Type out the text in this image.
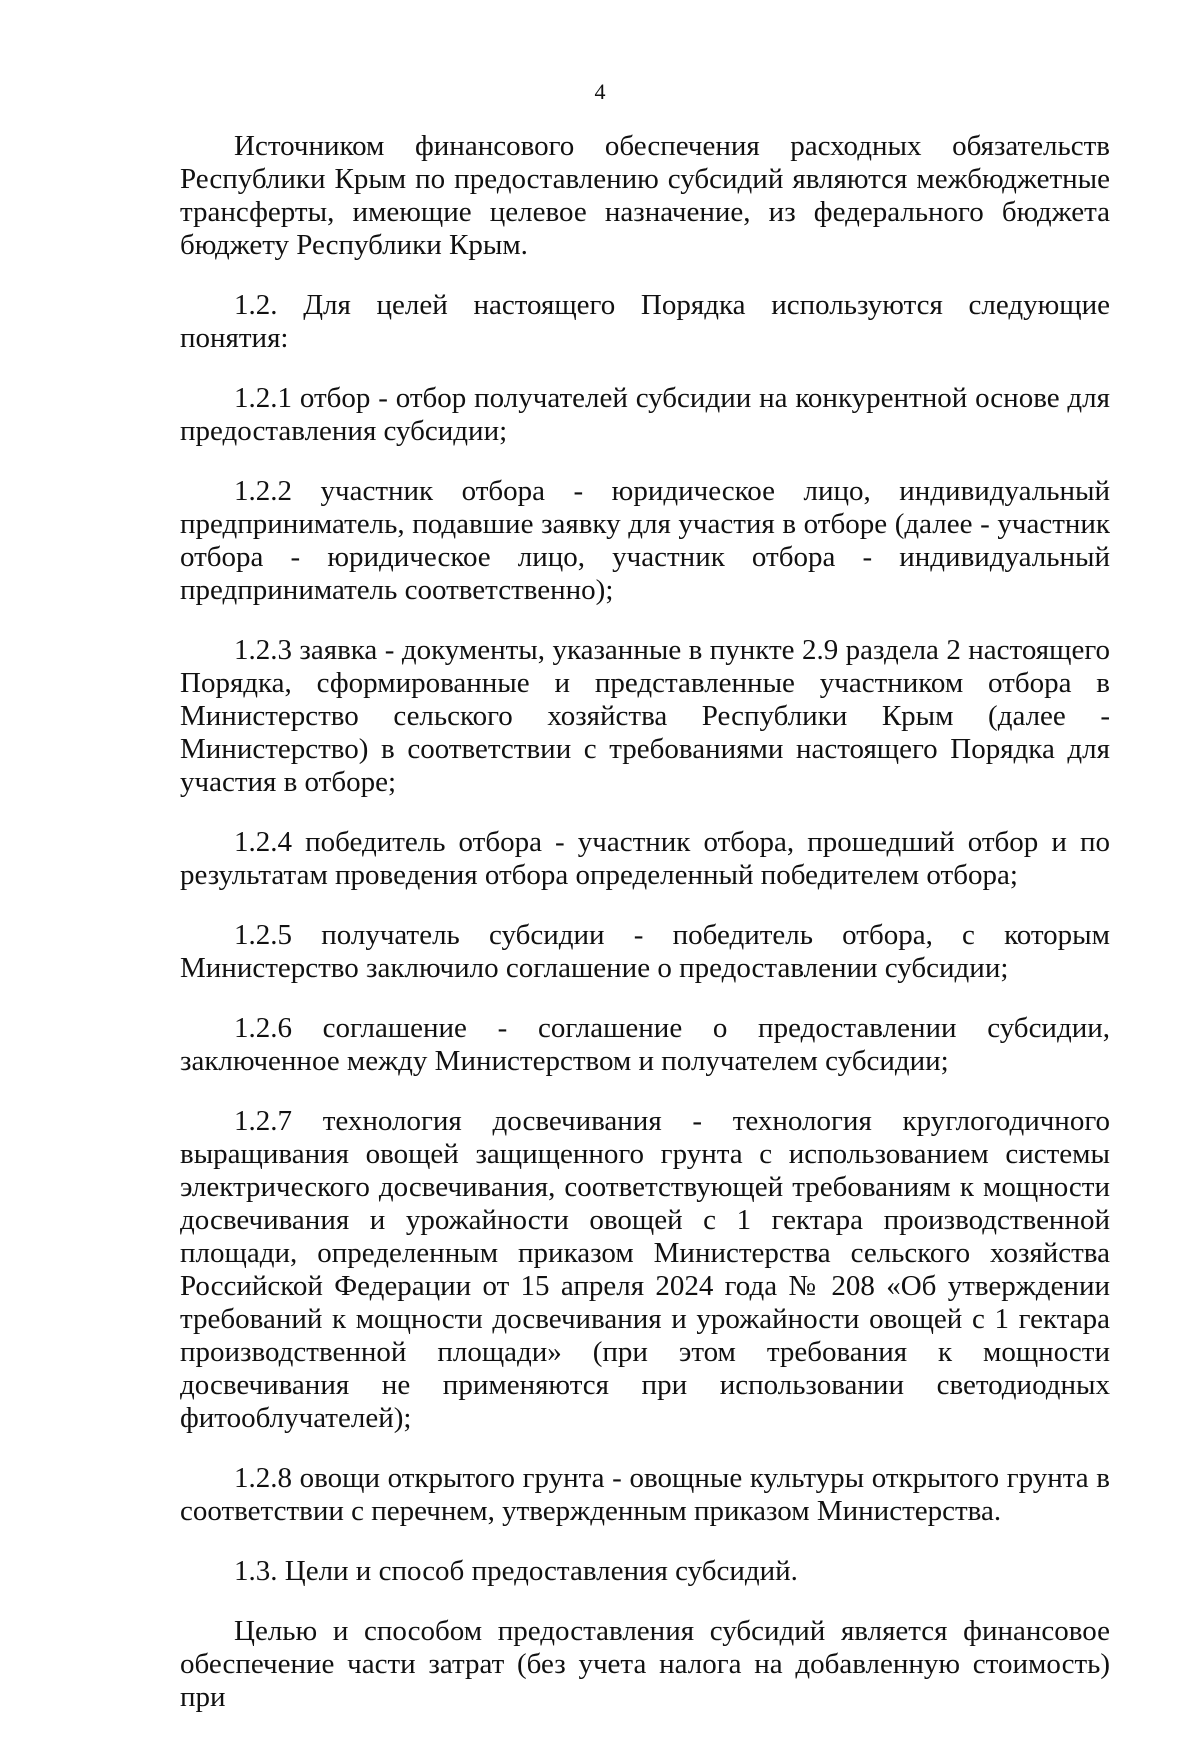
4

Источником финансового обеспечения расходных обязательств Республики Крым по предоставлению субсидий являются межбюджетные трансферты, имеющие целевое назначение, из федерального бюджета бюджету Республики Крым.

1.2. Для целей настоящего Порядка используются следующие понятия:

1.2.1 отбор - отбор получателей субсидии на конкурентной основе для предоставления субсидии;

1.2.2 участник отбора - юридическое лицо, индивидуальный предприниматель, подавшие заявку для участия в отборе (далее - участник отбора - юридическое лицо, участник отбора - индивидуальный предприниматель соответственно);

1.2.3 заявка - документы, указанные в пункте 2.9 раздела 2 настоящего Порядка, сформированные и представленные участником отбора в Министерство сельского хозяйства Республики Крым (далее - Министерство) в соответствии с требованиями настоящего Порядка для участия в отборе;

1.2.4 победитель отбора - участник отбора, прошедший отбор и по результатам проведения отбора определенный победителем отбора;

1.2.5 получатель субсидии - победитель отбора, с которым Министерство заключило соглашение о предоставлении субсидии;

1.2.6 соглашение - соглашение о предоставлении субсидии, заключенное между Министерством и получателем субсидии;

1.2.7 технология досвечивания - технология круглогодичного выращивания овощей защищенного грунта с использованием системы электрического досвечивания, соответствующей требованиям к мощности досвечивания и урожайности овощей с 1 гектара производственной площади, определенным приказом Министерства сельского хозяйства Российской Федерации от 15 апреля 2024 года № 208 «Об утверждении требований к мощности досвечивания и урожайности овощей с 1 гектара производственной площади» (при этом требования к мощности досвечивания не применяются при использовании светодиодных фитооблучателей);

1.2.8 овощи открытого грунта - овощные культуры открытого грунта в соответствии с перечнем, утвержденным приказом Министерства.

1.3. Цели и способ предоставления субсидий.

Целью и способом предоставления субсидий является финансовое обеспечение части затрат (без учета налога на добавленную стоимость) при
